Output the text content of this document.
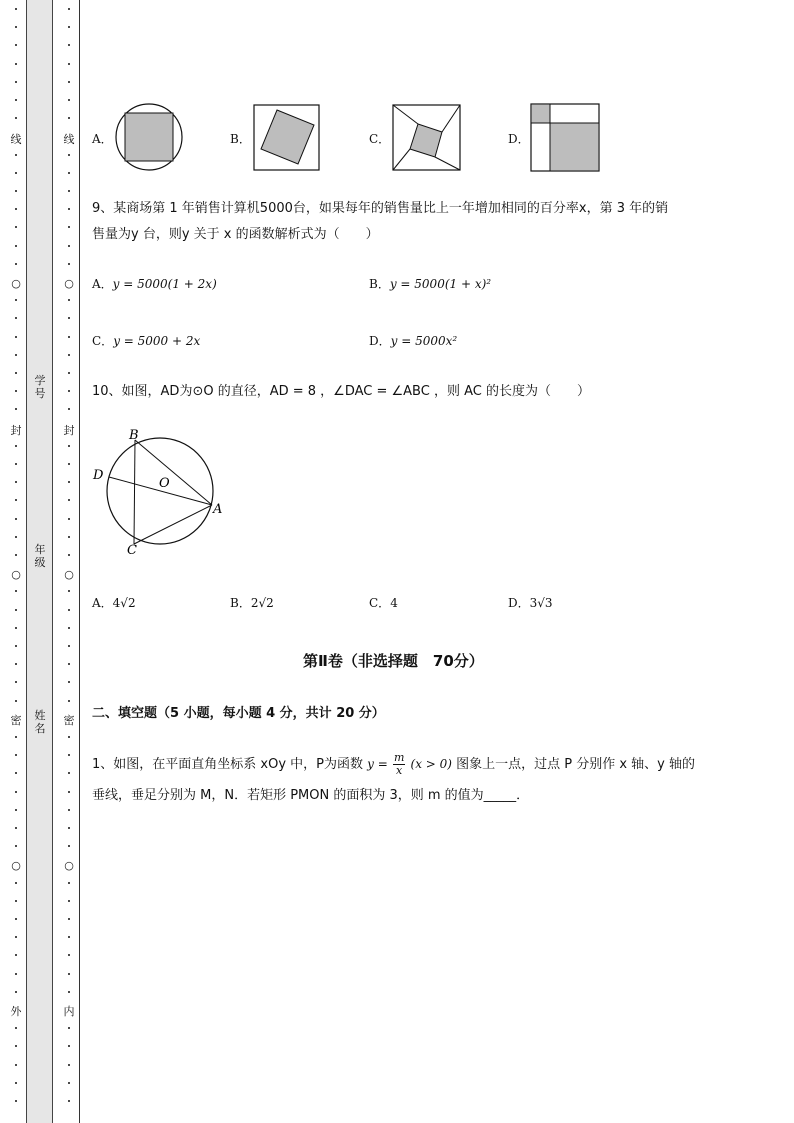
线
○
封
○
密
○
外
线
○
封
○
密
○
内
学
号
年
级
姓
名
A．	B．	C．	D．
9、某商场第 1 年销售计算机5000台，如果每年的销售量比上一年增加相同的百分率x，第 3 年的销
售量为y 台，则y 关于 x 的函数解析式为（　　）
A．y = 5000(1 + 2x)	B．y = 5000(1 + x)²
C．y = 5000 + 2x	D．y = 5000x²
10、如图，AD为⊙O 的直径，AD = 8 ，∠DAC = ∠ABC ，则 AC 的长度为（　　）
B
D
O
A
C
A．4√2	B．2√2	C．4	D．3√3
第Ⅱ卷（非选择题　70分）
二、填空题（5 小题，每小题 4 分，共计 20 分）
1、如图，在平面直角坐标系 xOy 中，P为函数 $y = \frac{m}{x} (x > 0)$ 图象上一点，过点 P 分别作 x 轴、y 轴的
垂线，垂足分别为 M，N．若矩形 PMON 的面积为 3，则 m 的值为_____．
